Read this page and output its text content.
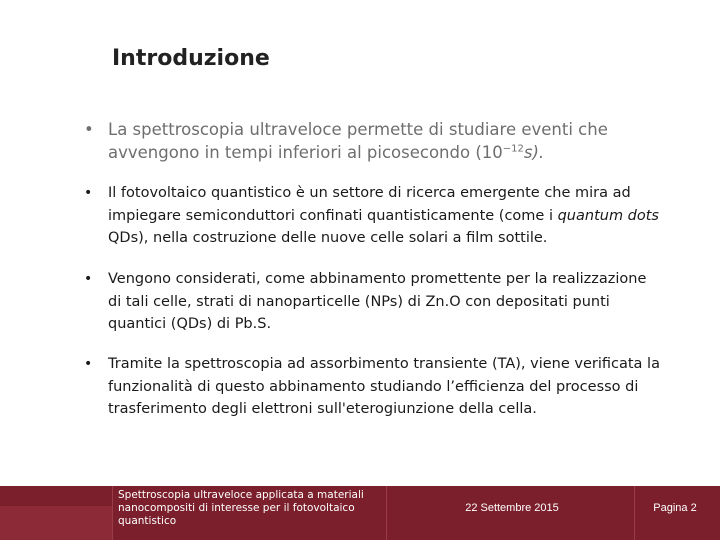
Introduzione
• La spettroscopia ultraveloce permette di studiare eventi che avvengono in tempi inferiori al picosecondo $(10^{-12}s)$.
• Il fotovoltaico quantistico è un settore di ricerca emergente che mira ad impiegare semiconduttori confinati quantisticamente (come i quantum dots QDs), nella costruzione delle nuove celle solari a film sottile.
• Vengono considerati, come abbinamento promettente per la realizzazione di tali celle, strati di nanoparticelle (NPs) di Zn.O con depositati punti quantici (QDs) di Pb.S.
• Tramite la spettroscopia ad assorbimento transiente (TA), viene verificata la funzionalità di questo abbinamento studiando l’efficienza del processo di trasferimento degli elettroni sull'eterogiunzione della cella.
Spettroscopia ultraveloce applicata a materiali nanocompositi di interesse per il fotovoltaico quantistico
22 Settembre 2015	Pagina 2
